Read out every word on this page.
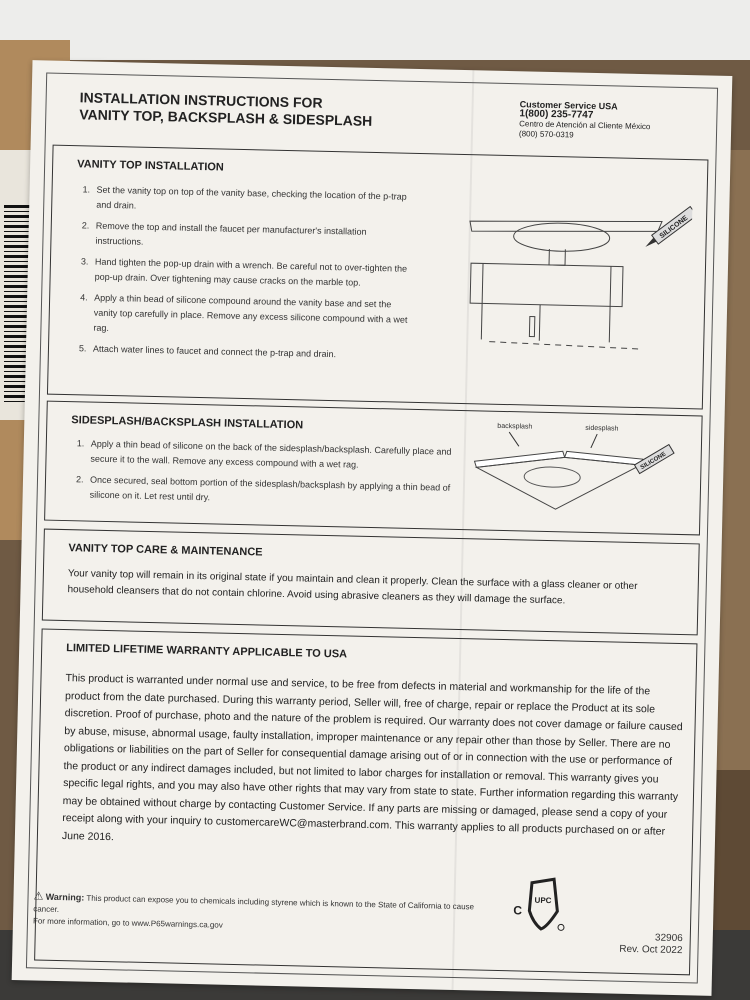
INSTALLATION INSTRUCTIONS FOR
VANITY TOP, BACKSPLASH & SIDESPLASH
Customer Service USA
1(800) 235-7747
Centro de Atención al Cliente México
(800) 570-0319
VANITY TOP INSTALLATION
1. Set the vanity top on top of the vanity base, checking the location of the p-trap and drain.
2. Remove the top and install the faucet per manufacturer's installation instructions.
3. Hand tighten the pop-up drain with a wrench. Be careful not to over-tighten the pop-up drain. Over tightening may cause cracks on the marble top.
4. Apply a thin bead of silicone compound around the vanity base and set the vanity top carefully in place. Remove any excess silicone compound with a wet rag.
5. Attach water lines to faucet and connect the p-trap and drain.
SILICONE
SIDESPLASH/BACKSPLASH INSTALLATION
1. Apply a thin bead of silicone on the back of the sidesplash/backsplash. Carefully place and secure it to the wall. Remove any excess compound with a wet rag.
2. Once secured, seal bottom portion of the sidesplash/backsplash by applying a thin bead of silicone on it. Let rest until dry.
backsplash	sidesplash
SILICONE
VANITY TOP CARE & MAINTENANCE
Your vanity top will remain in its original state if you maintain and clean it properly. Clean the surface with a glass cleaner or other household cleansers that do not contain chlorine. Avoid using abrasive cleaners as they will damage the surface.
LIMITED LIFETIME WARRANTY APPLICABLE TO USA
This product is warranted under normal use and service, to be free from defects in material and workmanship for the life of the product from the date purchased. During this warranty period, Seller will, free of charge, repair or replace the Product at its sole discretion. Proof of purchase, photo and the nature of the problem is required. Our warranty does not cover damage or failure caused by abuse, misuse, abnormal usage, faulty installation, improper maintenance or any repair other than those by Seller. There are no obligations or liabilities on the part of Seller for consequential damage arising out of or in connection with the use or performance of the product or any indirect damages included, but not limited to labor charges for installation or removal. This warranty gives you specific legal rights, and you may also have other rights that may vary from state to state. Further information regarding this warranty may be obtained without charge by contacting Customer Service. If any parts are missing or damaged, please send a copy of your receipt along with your inquiry to customercareWC@masterbrand.com. This warranty applies to all products purchased on or after June 2016.
⚠ Warning: This product can expose you to chemicals including styrene which is known to the State of California to cause cancer.
For more information, go to www.P65warnings.ca.gov
C
UPC
32906
Rev. Oct 2022
